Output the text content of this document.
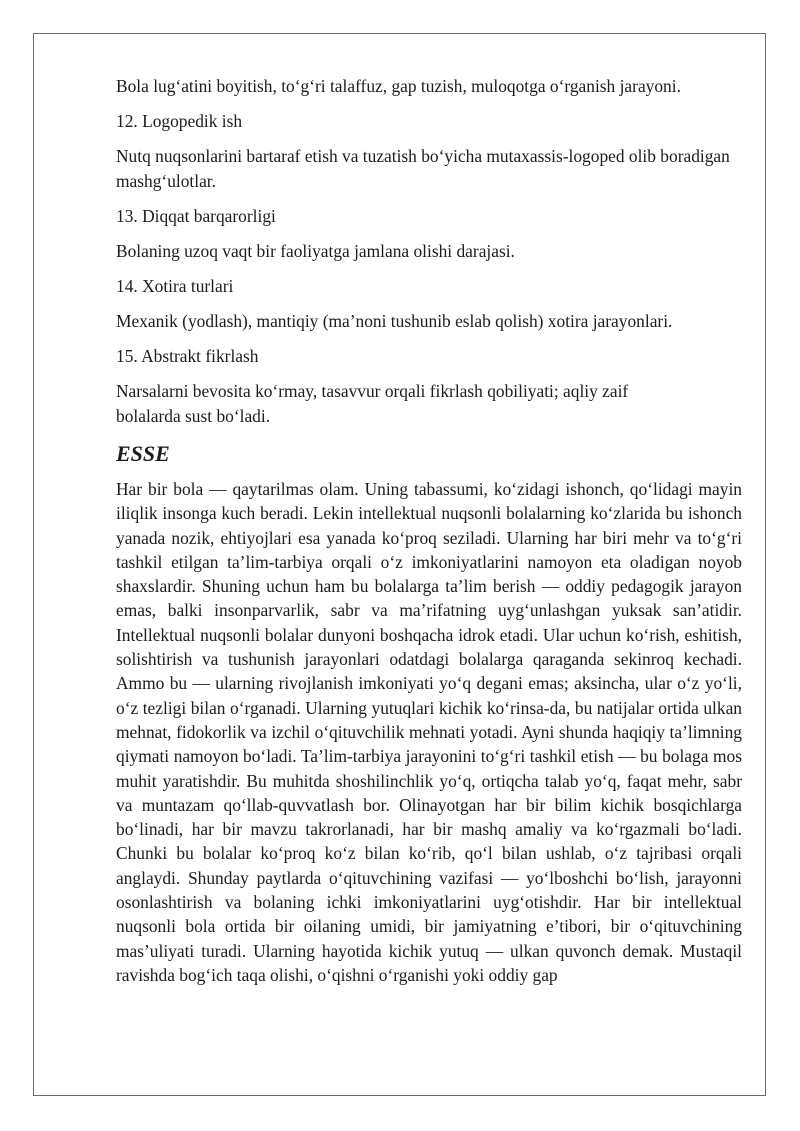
Bola lug‘atini boyitish, to‘g‘ri talaffuz, gap tuzish, muloqotga o‘rganish jarayoni.

12. Logopedik ish

Nutq nuqsonlarini bartaraf etish va tuzatish bo‘yicha mutaxassis-logoped olib boradigan mashg‘ulotlar.

13. Diqqat barqarorligi

Bolaning uzoq vaqt bir faoliyatga jamlana olishi darajasi.

14. Xotira turlari

Mexanik (yodlash), mantiqiy (ma’noni tushunib eslab qolish) xotira jarayonlari.

15. Abstrakt fikrlash

Narsalarni bevosita ko‘rmay, tasavvur orqali fikrlash qobiliyati; aqliy zaif bolalarda sust bo‘ladi.

ESSE

Har bir bola — qaytarilmas olam. Uning tabassumi, ko‘zidagi ishonch, qo‘lidagi mayin iliqlik insonga kuch beradi. Lekin intellektual nuqsonli bolalarning ko‘zlarida bu ishonch yanada nozik, ehtiyojlari esa yanada ko‘proq seziladi. Ularning har biri mehr va to‘g‘ri tashkil etilgan ta’lim-tarbiya orqali o‘z imkoniyatlarini namoyon eta oladigan noyob shaxslardir. Shuning uchun ham bu bolalarga ta’lim berish — oddiy pedagogik jarayon emas, balki insonparvarlik, sabr va ma’rifatning uyg‘unlashgan yuksak san’atidir. Intellektual nuqsonli bolalar dunyoni boshqacha idrok etadi. Ular uchun ko‘rish, eshitish, solishtirish va tushunish jarayonlari odatdagi bolalarga qaraganda sekinroq kechadi. Ammo bu — ularning rivojlanish imkoniyati yo‘q degani emas; aksincha, ular o‘z yo‘li, o‘z tezligi bilan o‘rganadi. Ularning yutuqlari kichik ko‘rinsa-da, bu natijalar ortida ulkan mehnat, fidokorlik va izchil o‘qituvchilik mehnati yotadi. Ayni shunda haqiqiy ta’limning qiymati namoyon bo‘ladi. Ta’lim-tarbiya jarayonini to‘g‘ri tashkil etish — bu bolaga mos muhit yaratishdir. Bu muhitda shoshilinchlik yo‘q, ortiqcha talab yo‘q, faqat mehr, sabr va muntazam qo‘llab-quvvatlash bor. Olinayotgan har bir bilim kichik bosqichlarga bo‘linadi, har bir mavzu takrorlanadi, har bir mashq amaliy va ko‘rgazmali bo‘ladi. Chunki bu bolalar ko‘proq ko‘z bilan ko‘rib, qo‘l bilan ushlab, o‘z tajribasi orqali anglaydi. Shunday paytlarda o‘qituvchining vazifasi — yo‘lboshchi bo‘lish, jarayonni osonlashtirish va bolaning ichki imkoniyatlarini uyg‘otishdir. Har bir intellektual nuqsonli bola ortida bir oilaning umidi, bir jamiyatning e’tibori, bir o‘qituvchining mas’uliyati turadi. Ularning hayotida kichik yutuq — ulkan quvonch demak. Mustaqil ravishda bog‘ich taqa olishi, o‘qishni o‘rganishi yoki oddiy gap
